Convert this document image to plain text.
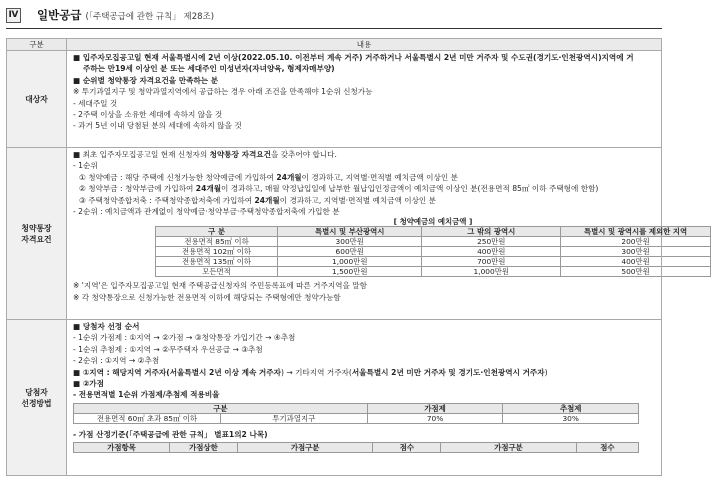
Ⅳ 일반공급 (「주택공급에 관한 규칙」 제28조)
구분	내용
대상자	
■ 입주자모집공고일 현재 서울특별시에 2년 이상(2022.05.10. 이전부터 계속 거주) 거주하거나 서울특별시 2년 미만 거주자 및 수도권(경기도·인천광역시)지역에 거
주하는 만19세 이상인 분 또는 세대주인 미성년자(자녀양육, 형제자매부양)
■ 순위별 청약통장 자격요건을 만족하는 분
※ 투기과열지구 및 청약과열지역에서 공급하는 경우 아래 조건을 만족해야 1순위 신청가능
- 세대주일 것
- 2주택 이상을 소유한 세대에 속하지 않을 것
- 과거 5년 이내 당첨된 분의 세대에 속하지 않을 것

청약통장
자격요건

■ 최초 입주자모집공고일 현재 신청자의 청약통장 자격요건을 갖추어야 합니다.
- 1순위
① 청약예금 : 해당 주택에 신청가능한 청약예금에 가입하여 24개월이 경과하고, 지역별·면적별 예치금액 이상인 분
② 청약부금 : 청약부금에 가입하여 24개월이 경과하고, 매월 약정납입일에 납부한 월납입인정금액이 예치금액 이상인 분(전용면적 85㎡ 이하 주택형에 한함)
③ 주택청약종합저축 : 주택청약종합저축에 가입하여 24개월이 경과하고, 지역별·면적별 예치금액 이상인 분
- 2순위 : 예치금액과 관계없이 청약예금·청약부금·주택청약종합저축에 가입한 분
[ 청약예금의 예치금액 ]
구 분	특별시 및 부산광역시	그 밖의 광역시	특별시 및 광역시를 제외한 지역
전용면적 85㎡ 이하	300만원	250만원	200만원
전용면적 102㎡ 이하	600만원	400만원	300만원
전용면적 135㎡ 이하	1,000만원	700만원	400만원
모든면적	1,500만원	1,000만원	500만원
※ '지역'은 입주자모집공고일 현재 주택공급신청자의 주민등록표에 따른 거주지역을 말함
※ 각 청약통장으로 신청가능한 전용면적 이하에 해당되는 주택형에만 청약가능함

당첨자
선정방법

■ 당첨자 선정 순서
- 1순위 가점제 : ①지역 → ②가점 → ③청약통장 가입기간 → ④추첨
- 1순위 추첨제 : ①지역 → ②무주택자 우선공급 → ③추첨
- 2순위 : ①지역 → ②추첨
■ ①지역 : 해당지역 거주자(서울특별시 2년 이상 계속 거주자) → 기타지역 거주자(서울특별시 2년 미만 거주자 및 경기도·인천광역시 거주자)
■ ②가점
- 전용면적별 1순위 가점제/추첨제 적용비율
구분	가점제	추첨제
전용면적 60㎡ 초과 85㎡ 이하	투기과열지구	70%	30%
- 가점 산정기준(「주택공급에 관한 규칙」 별표1의2 나목)
가점항목	가점상한	가점구분	점수	가점구분	점수
